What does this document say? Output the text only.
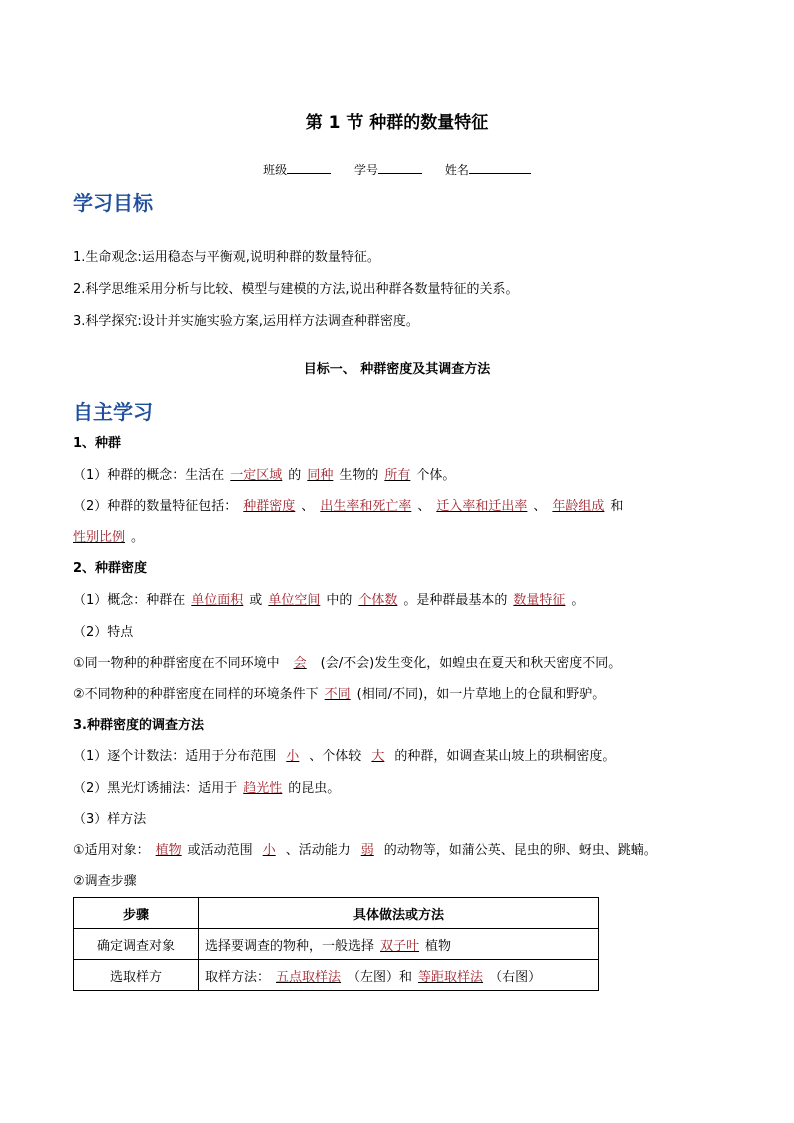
第 1 节 种群的数量特征
班级	学号	姓名
学习目标
1.生命观念:运用稳态与平衡观,说明种群的数量特征。
2.科学思维采用分析与比较、模型与建模的方法,说出种群各数量特征的关系。
3.科学探究:设计并实施实验方案,运用样方法调查种群密度。
目标一、 种群密度及其调查方法
自主学习
1、种群
（1）种群的概念：生活在 一定区域 的 同种 生物的 所有 个体。
（2）种群的数量特征包括： 种群密度 、 出生率和死亡率 、 迁入率和迁出率 、 年龄组成 和
性别比例 。
2、种群密度
（1）概念：种群在 单位面积 或 单位空间 中的 个体数 。是种群最基本的 数量特征 。
（2）特点
①同一物种的种群密度在不同环境中 会 (会/不会)发生变化，如蝗虫在夏天和秋天密度不同。
②不同物种的种群密度在同样的环境条件下 不同 (相同/不同)，如一片草地上的仓鼠和野驴。
3.种群密度的调查方法
（1）逐个计数法：适用于分布范围 小 、个体较 大 的种群，如调查某山坡上的珙桐密度。
（2）黑光灯诱捕法：适用于 趋光性 的昆虫。
（3）样方法
①适用对象： 植物 或活动范围 小 、活动能力 弱 的动物等，如蒲公英、昆虫的卵、蚜虫、跳蝻。
②调查步骤
步骤	具体做法或方法
确定调查对象	选择要调查的物种，一般选择 双子叶 植物
选取样方	取样方法： 五点取样法 （左图）和 等距取样法 （右图）
